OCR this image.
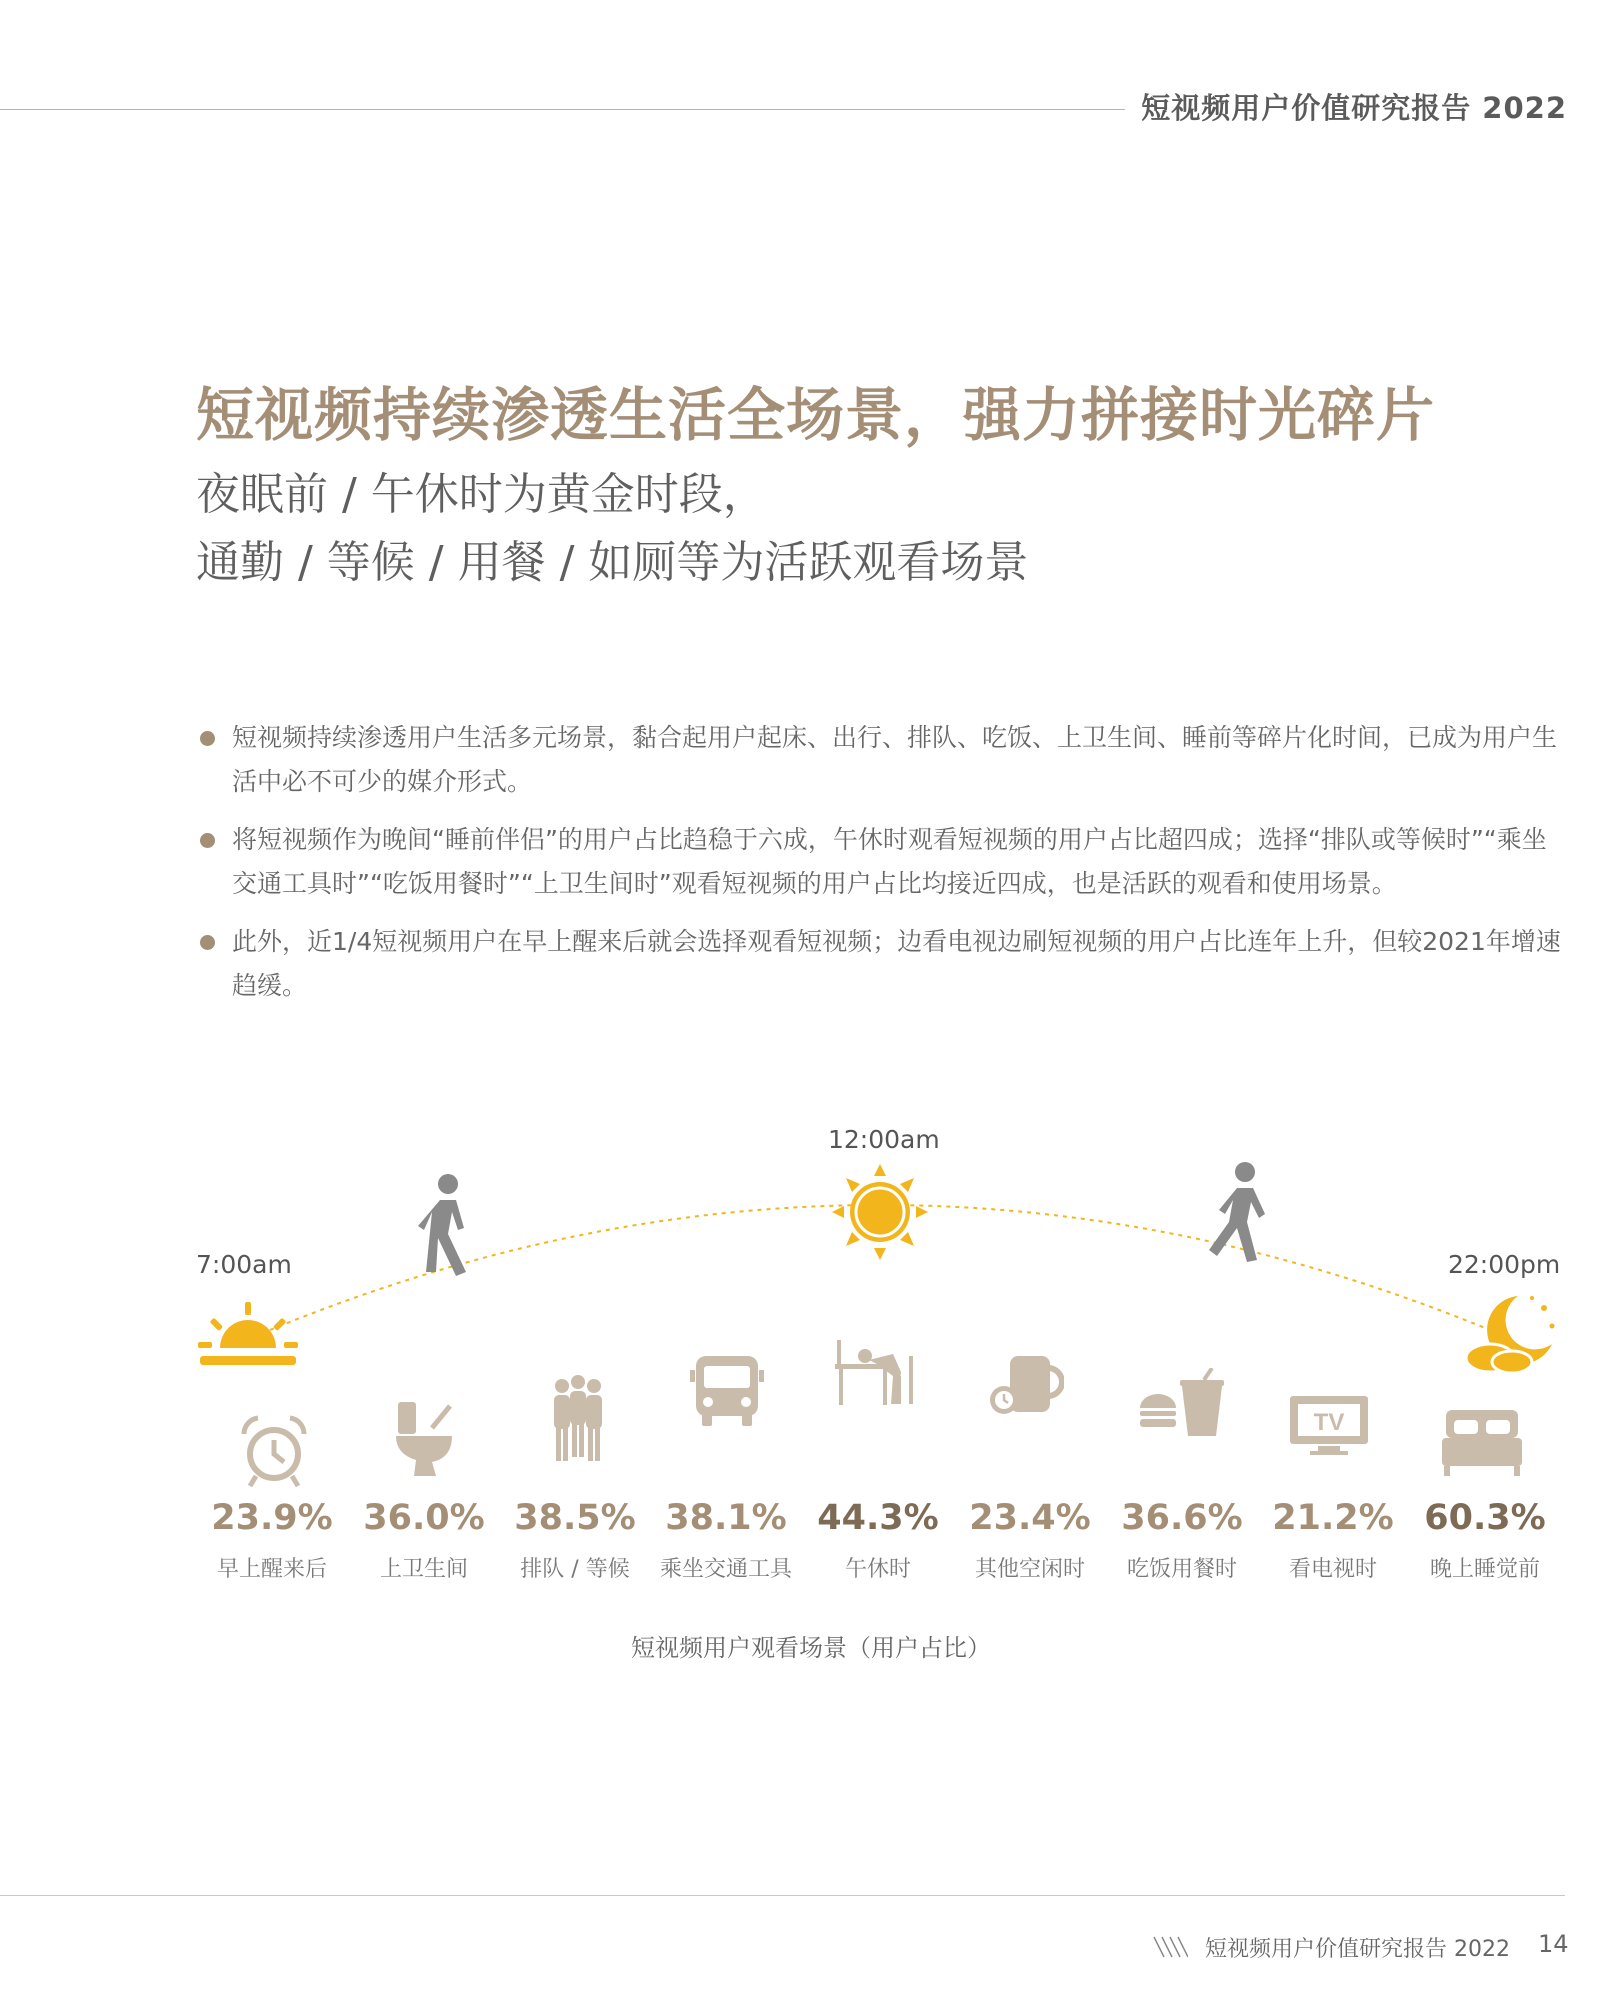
短视频用户价值研究报告 2022
短视频持续渗透生活全场景，强力拼接时光碎片
夜眠前 / 午休时为黄金时段，
通勤 / 等候 / 用餐 / 如厕等为活跃观看场景
短视频持续渗透用户生活多元场景，黏合起用户起床、出行、排队、吃饭、上卫生间、睡前等碎片化时间，已成为用户生活中必不可少的媒介形式。
将短视频作为晚间“睡前伴侣”的用户占比趋稳于六成，午休时观看短视频的用户占比超四成；选择“排队或等候时”“乘坐交通工具时”“吃饭用餐时”“上卫生间时”观看短视频的用户占比均接近四成，也是活跃的观看和使用场景。
此外，近1/4短视频用户在早上醒来后就会选择观看短视频；边看电视边刷短视频的用户占比连年上升，但较2021年增速趋缓。
7:00am
12:00am
22:00pm
TV
23.9%
早上醒来后
36.0%
上卫生间
38.5%
排队 / 等候
38.1%
乘坐交通工具
44.3%
午休时
23.4%
其他空闲时
36.6%
吃饭用餐时
21.2%
看电视时
60.3%
晚上睡觉前
短视频用户观看场景（用户占比）
短视频用户价值研究报告 2022 14
